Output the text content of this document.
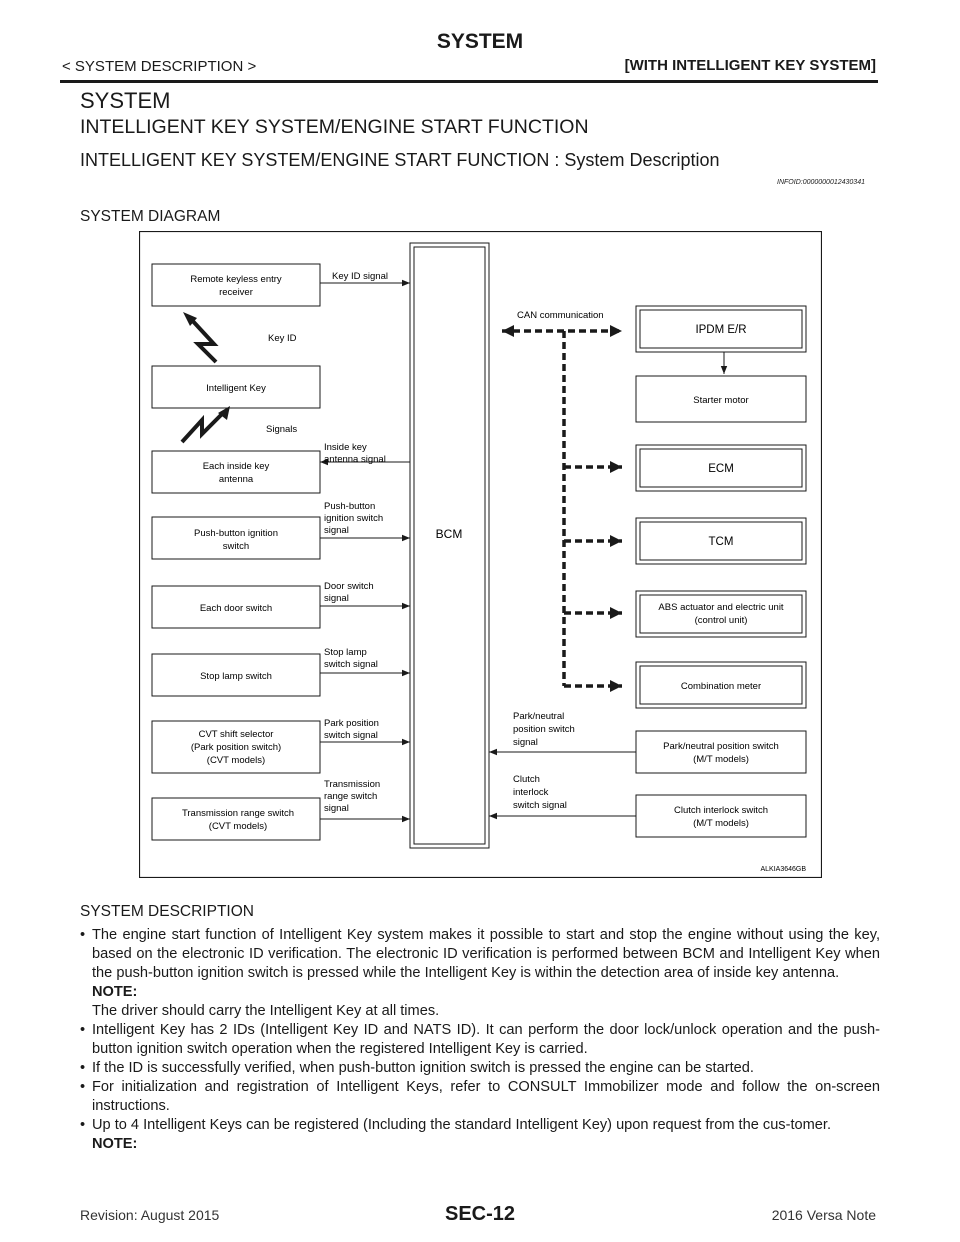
SYSTEM
< SYSTEM DESCRIPTION >	[WITH INTELLIGENT KEY SYSTEM]
SYSTEM
INTELLIGENT KEY SYSTEM/ENGINE START FUNCTION
INTELLIGENT KEY SYSTEM/ENGINE START FUNCTION : System Description
INFOID:0000000012430341
SYSTEM DIAGRAM
BCM
Remote keyless entry
receiver
Intelligent Key
Each inside key
antenna
Push-button ignition
switch
Each door switch
Stop lamp switch
CVT shift selector
(Park position switch)
(CVT models)
Transmission range switch
(CVT models)
Key ID signal
Inside key
antenna signal
Push-button
ignition switch
signal
Door switch
signal
Stop lamp
switch signal
Park position
switch signal
Transmission
range switch
signal
Key ID
Signals
CAN communication
IPDM E/R
Starter motor
ECM
TCM
ABS actuator and electric unit
(control unit)
Combination meter
Park/neutral position switch
(M/T models)
Clutch interlock switch
(M/T models)
Park/neutral
position switch
signal
Clutch
interlock
switch signal
ALKIA3646GB
SYSTEM DESCRIPTION
• The engine start function of Intelligent Key system makes it possible to start and stop the engine without using the key, based on the electronic ID verification. The electronic ID verification is performed between BCM and Intelligent Key when the push-button ignition switch is pressed while the Intelligent Key is within the detection area of inside key antenna.
NOTE:
The driver should carry the Intelligent Key at all times.
• Intelligent Key has 2 IDs (Intelligent Key ID and NATS ID). It can perform the door lock/unlock operation and the push-button ignition switch operation when the registered Intelligent Key is carried.
• If the ID is successfully verified, when push-button ignition switch is pressed the engine can be started.
• For initialization and registration of Intelligent Keys, refer to CONSULT Immobilizer mode and follow the on-screen instructions.
• Up to 4 Intelligent Keys can be registered (Including the standard Intelligent Key) upon request from the cus-tomer.
NOTE:
Revision: August 2015	SEC-12	2016 Versa Note
